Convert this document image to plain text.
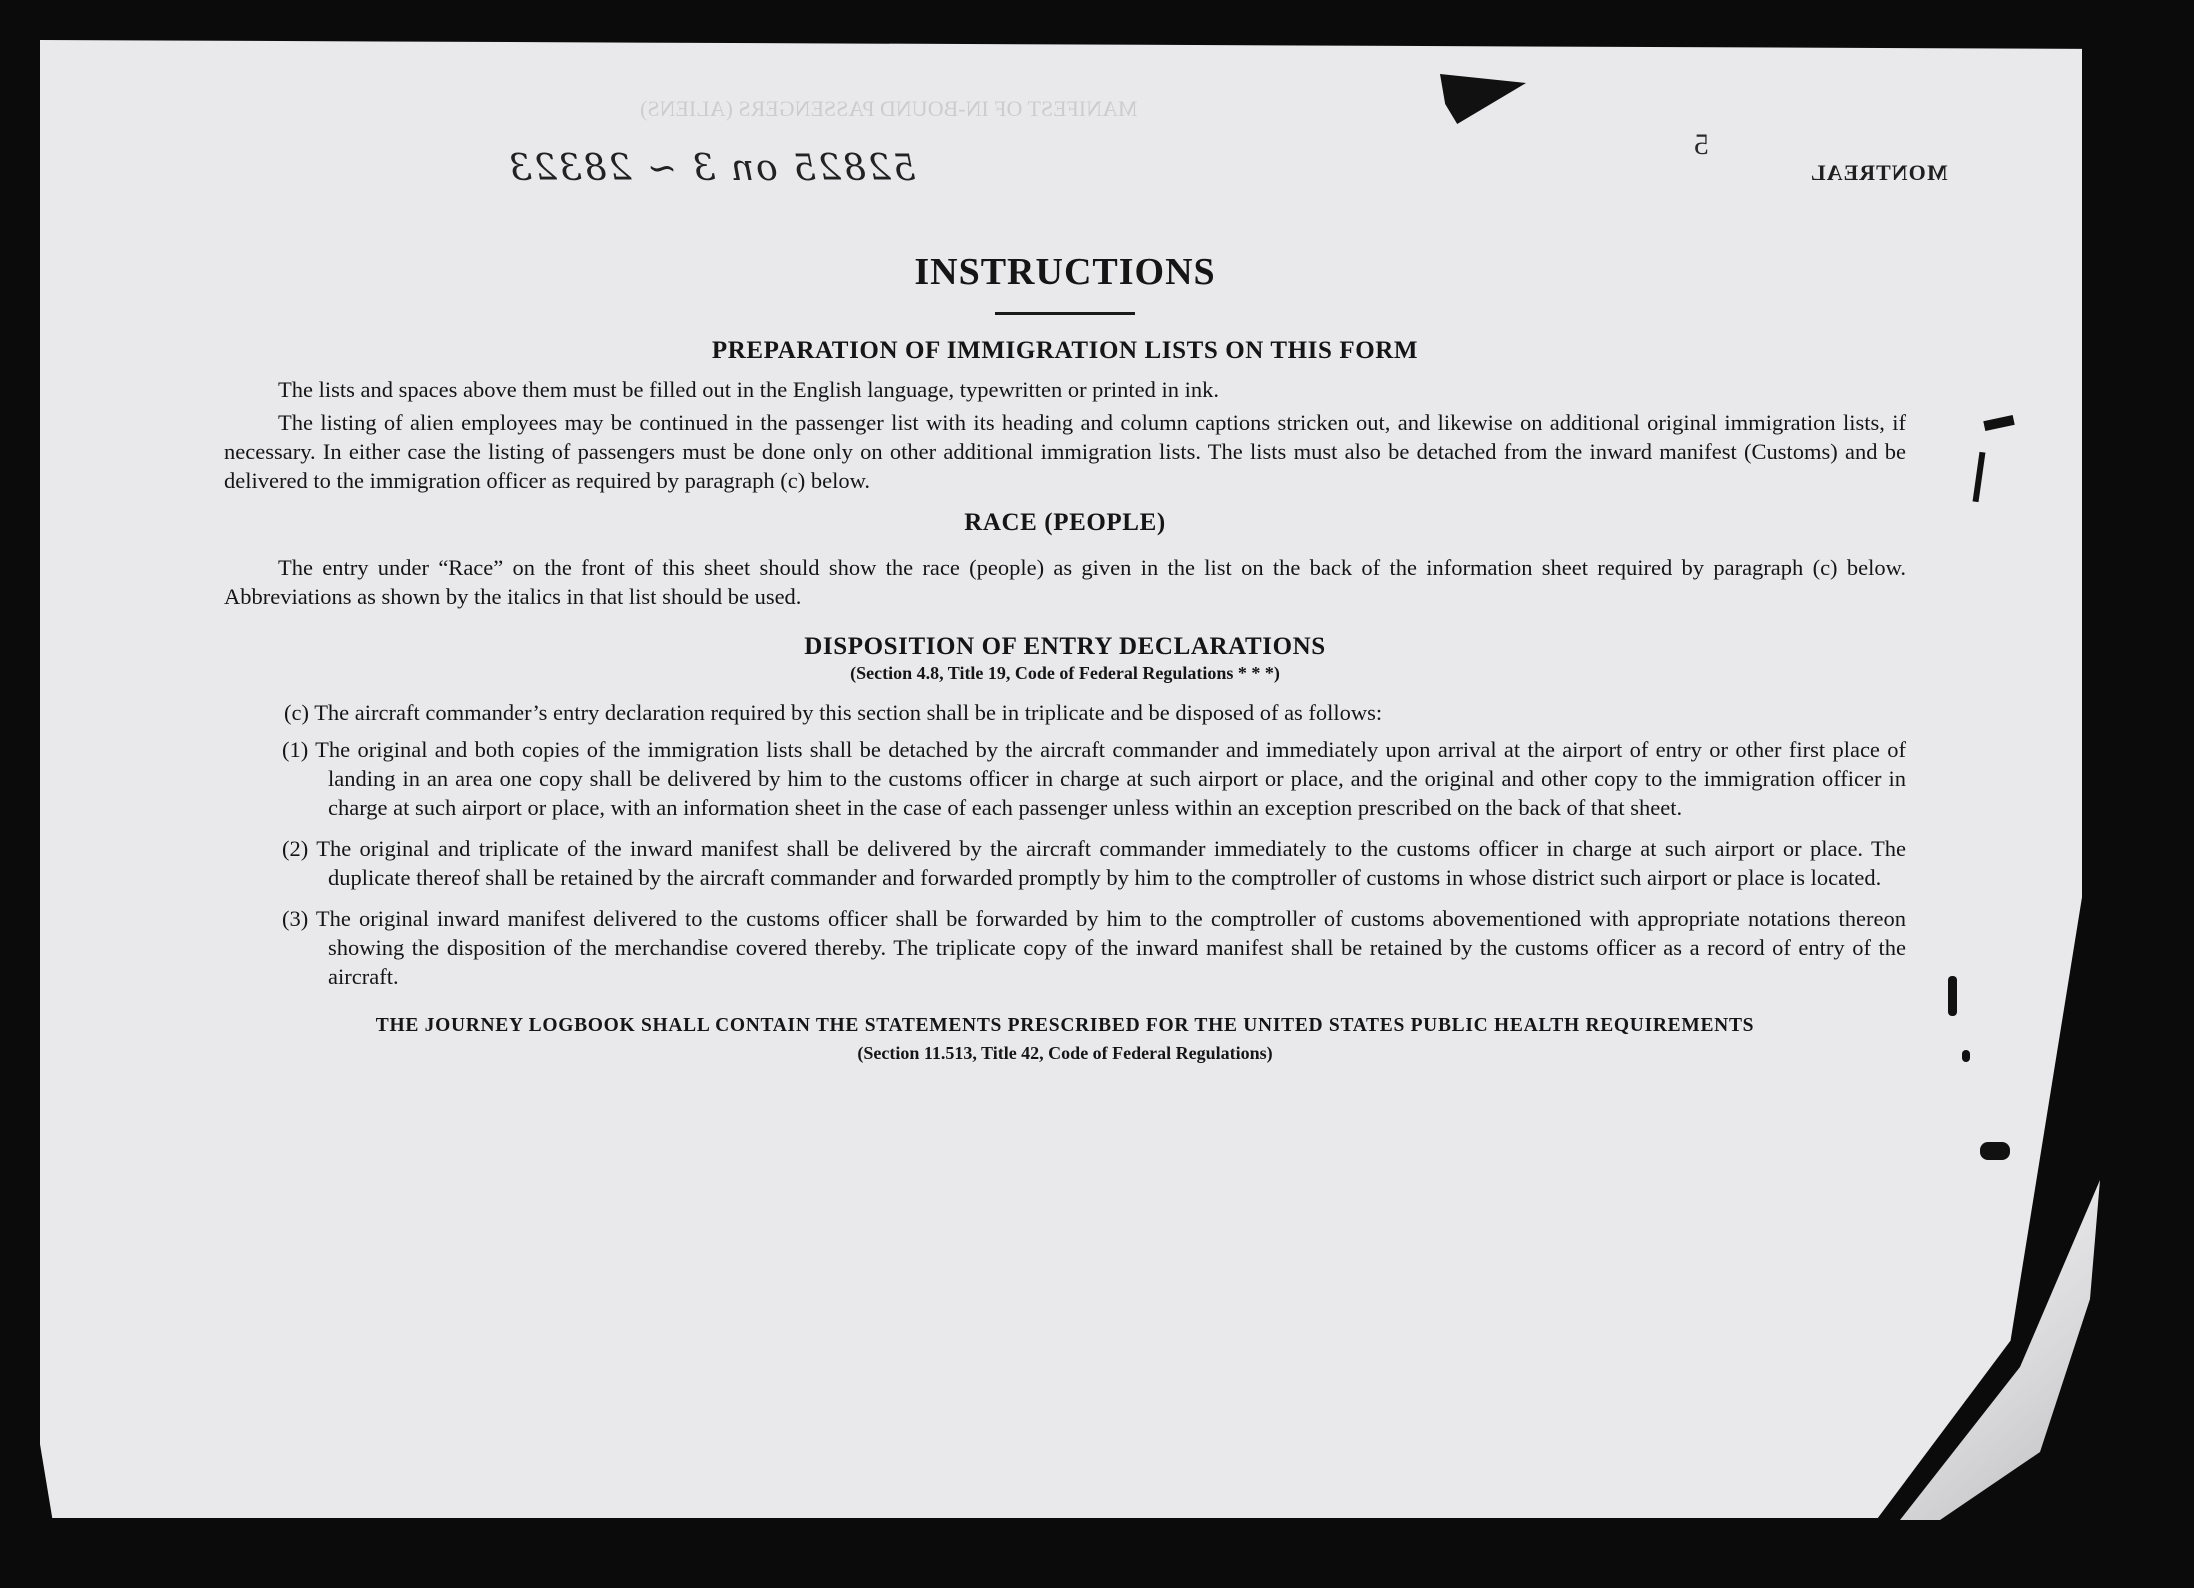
MANIFEST OF IN-BOUND PASSENGERS (ALIENS)
52825 on 3 ~ 28323
5
MONTREAL
INSTRUCTIONS
PREPARATION OF IMMIGRATION LISTS ON THIS FORM

The lists and spaces above them must be filled out in the English language, typewritten or printed in ink.

The listing of alien employees may be continued in the passenger list with its heading and column captions stricken out, and likewise on additional original immigration lists, if necessary. In either case the listing of passengers must be done only on other additional immigration lists. The lists must also be detached from the inward manifest (Customs) and be delivered to the immigration officer as required by paragraph (c) below.

RACE (PEOPLE)

The entry under “Race” on the front of this sheet should show the race (people) as given in the list on the back of the information sheet required by paragraph (c) below. Abbreviations as shown by the italics in that list should be used.

DISPOSITION OF ENTRY DECLARATIONS
(Section 4.8, Title 19, Code of Federal Regulations * * *)

(c) The aircraft commander’s entry declaration required by this section shall be in triplicate and be disposed of as follows:

(1) The original and both copies of the immigration lists shall be detached by the aircraft commander and immediately upon arrival at the airport of entry or other first place of landing in an area one copy shall be delivered by him to the customs officer in charge at such airport or place, and the original and other copy to the immigration officer in charge at such airport or place, with an information sheet in the case of each passenger unless within an exception prescribed on the back of that sheet.

(2) The original and triplicate of the inward manifest shall be delivered by the aircraft commander immediately to the customs officer in charge at such airport or place. The duplicate thereof shall be retained by the aircraft commander and forwarded promptly by him to the comptroller of customs in whose district such airport or place is located.

(3) The original inward manifest delivered to the customs officer shall be forwarded by him to the comptroller of customs abovementioned with appropriate notations thereon showing the disposition of the merchandise covered thereby. The triplicate copy of the inward manifest shall be retained by the customs officer as a record of entry of the aircraft.

THE JOURNEY LOGBOOK SHALL CONTAIN THE STATEMENTS PRESCRIBED FOR THE UNITED STATES PUBLIC HEALTH REQUIREMENTS
(Section 11.513, Title 42, Code of Federal Regulations)
